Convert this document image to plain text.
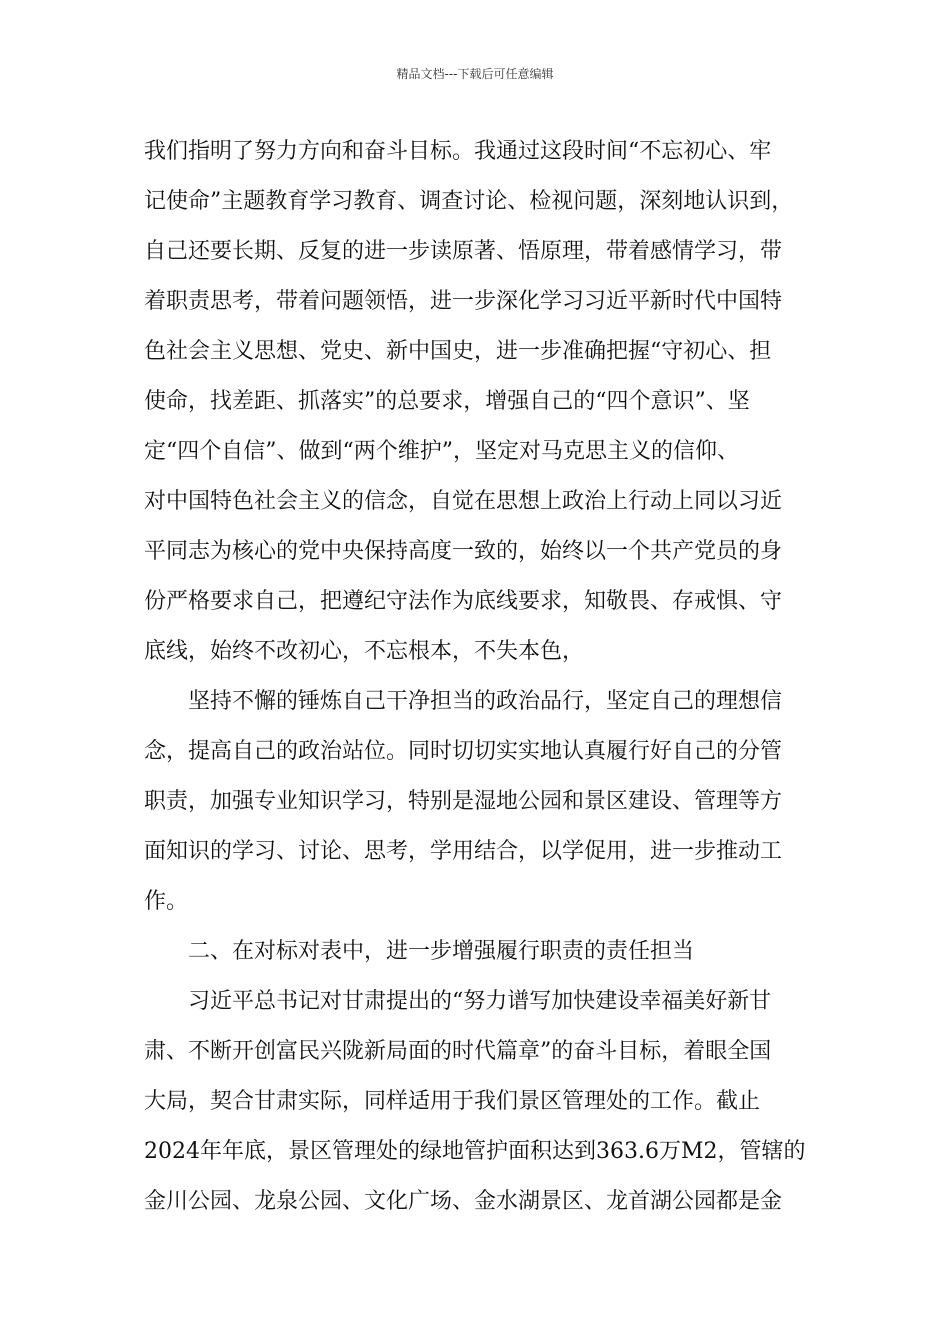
精品文档---下载后可任意编辑
我们指明了努力方向和奋斗目标。我通过这段时间“不忘初心、牢
记使命”主题教育学习教育、调查讨论、检视问题，深刻地认识到，
自己还要长期、反复的进一步读原著、悟原理，带着感情学习，带
着职责思考，带着问题领悟，进一步深化学习习近平新时代中国特
色社会主义思想、党史、新中国史，进一步准确把握“守初心、担
使命，找差距、抓落实”的总要求，增强自己的“四个意识”、坚
定“四个自信”、做到“两个维护”，坚定对马克思主义的信仰、
对中国特色社会主义的信念，自觉在思想上政治上行动上同以习近
平同志为核心的党中央保持高度一致的，始终以一个共产党员的身
份严格要求自己，把遵纪守法作为底线要求，知敬畏、存戒惧、守
底线，始终不改初心，不忘根本，不失本色，
坚持不懈的锤炼自己干净担当的政治品行，坚定自己的理想信
念，提高自己的政治站位。同时切切实实地认真履行好自己的分管
职责，加强专业知识学习，特别是湿地公园和景区建设、管理等方
面知识的学习、讨论、思考，学用结合，以学促用，进一步推动工
作。
二、在对标对表中，进一步增强履行职责的责任担当
习近平总书记对甘肃提出的“努力谱写加快建设幸福美好新甘
肃、不断开创富民兴陇新局面的时代篇章”的奋斗目标，着眼全国
大局，契合甘肃实际，同样适用于我们景区管理处的工作。截止
2024年年底，景区管理处的绿地管护面积达到363.6万M2，管辖的
金川公园、龙泉公园、文化广场、金水湖景区、龙首湖公园都是金
